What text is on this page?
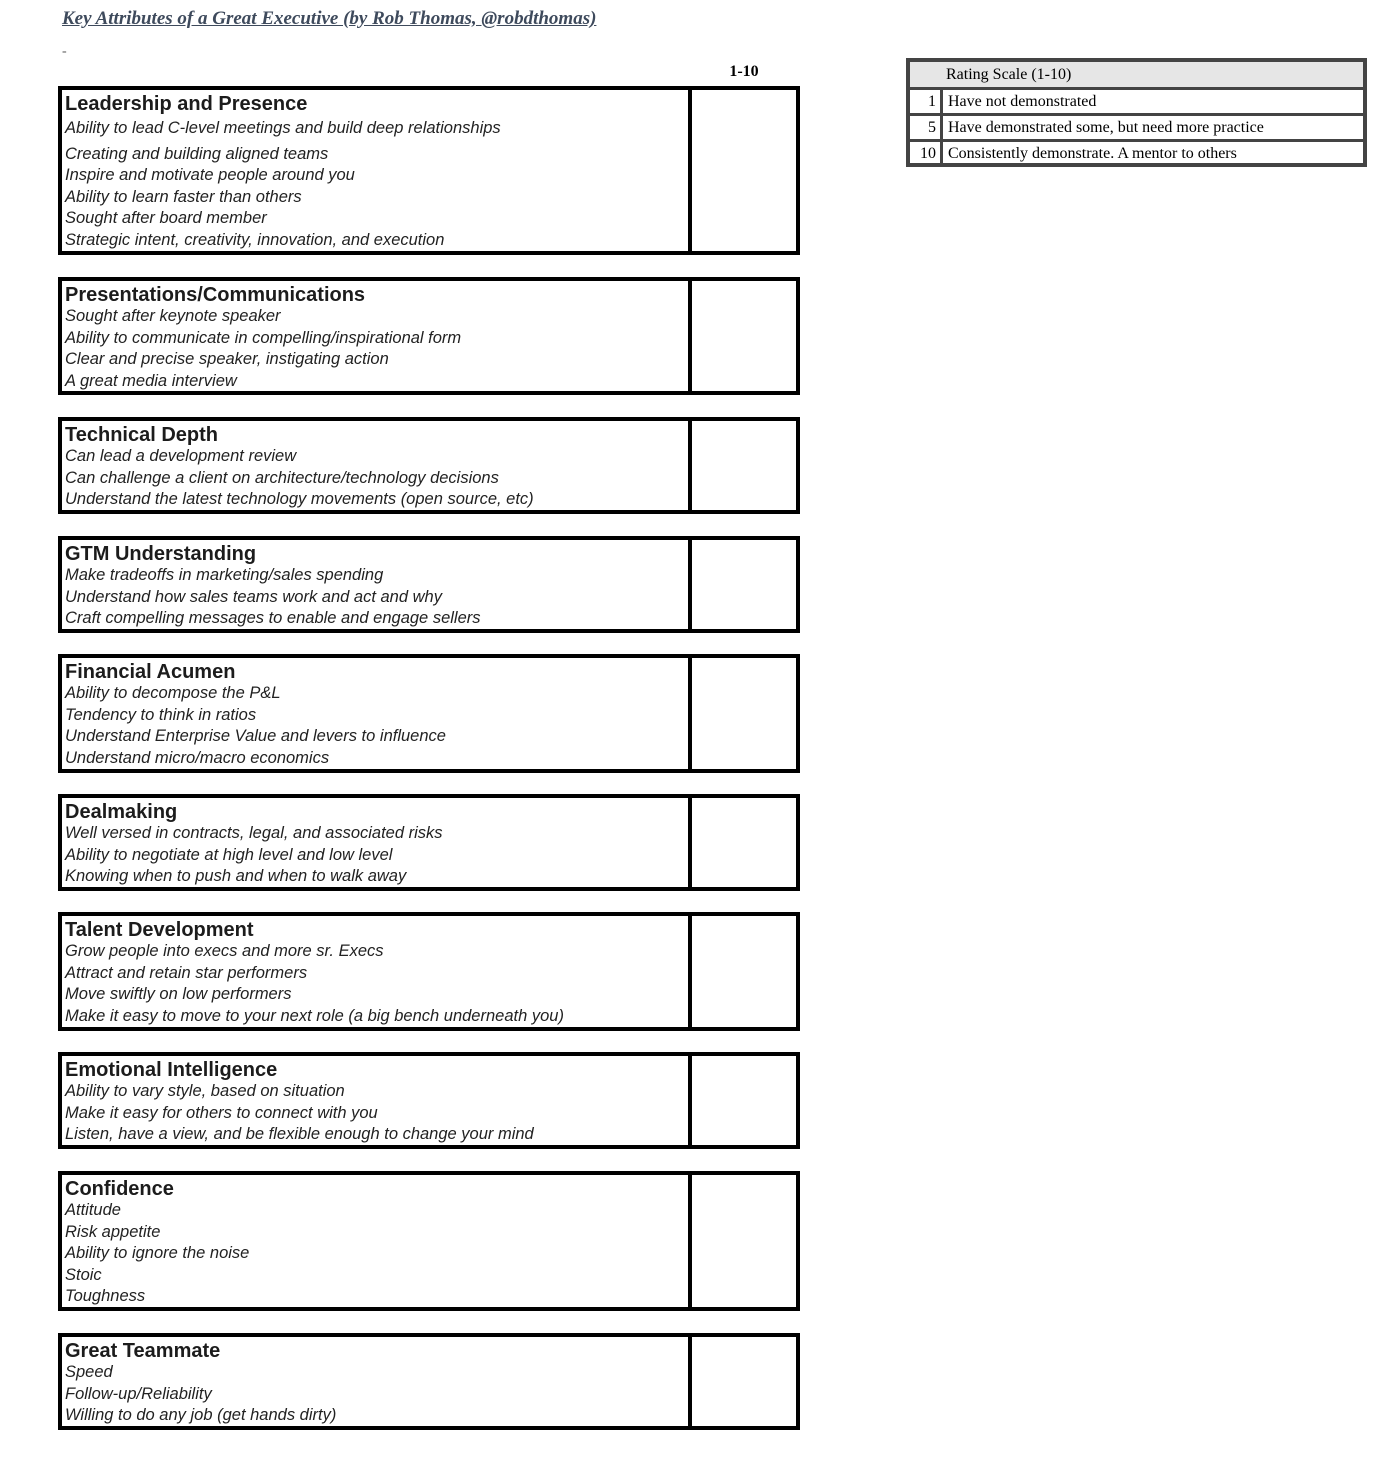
Key Attributes of a Great Executive (by Rob Thomas, @robdthomas)
-
1-10
Leadership and Presence
Ability to lead C-level meetings and build deep relationships
Creating and building aligned teams
Inspire and motivate people around you
Ability to learn faster than others
Sought after board member
Strategic intent, creativity, innovation, and execution
Presentations/Communications
Sought after keynote speaker
Ability to communicate in compelling/inspirational form
Clear and precise speaker, instigating action
A great media interview
Technical Depth
Can lead a development review
Can challenge a client on architecture/technology decisions
Understand the latest technology movements (open source, etc)
GTM Understanding
Make tradeoffs in marketing/sales spending
Understand how sales teams work and act and why
Craft compelling messages to enable and engage sellers
Financial Acumen
Ability to decompose the P&L
Tendency to think in ratios
Understand Enterprise Value and levers to influence
Understand micro/macro economics
Dealmaking
Well versed in contracts, legal, and associated risks
Ability to negotiate at high level and low level
Knowing when to push and when to walk away
Talent Development
Grow people into execs and more sr. Execs
Attract and retain star performers
Move swiftly on low performers
Make it easy to move to your next role (a big bench underneath you)
Emotional Intelligence
Ability to vary style, based on situation
Make it easy for others to connect with you
Listen, have a view, and be flexible enough to change your mind
Confidence
Attitude
Risk appetite
Ability to ignore the noise
Stoic
Toughness
Great Teammate
Speed
Follow-up/Reliability
Willing to do any job (get hands dirty)
Rating Scale (1-10)
1 Have not demonstrated
5 Have demonstrated some, but need more practice
10 Consistently demonstrate. A mentor to others
